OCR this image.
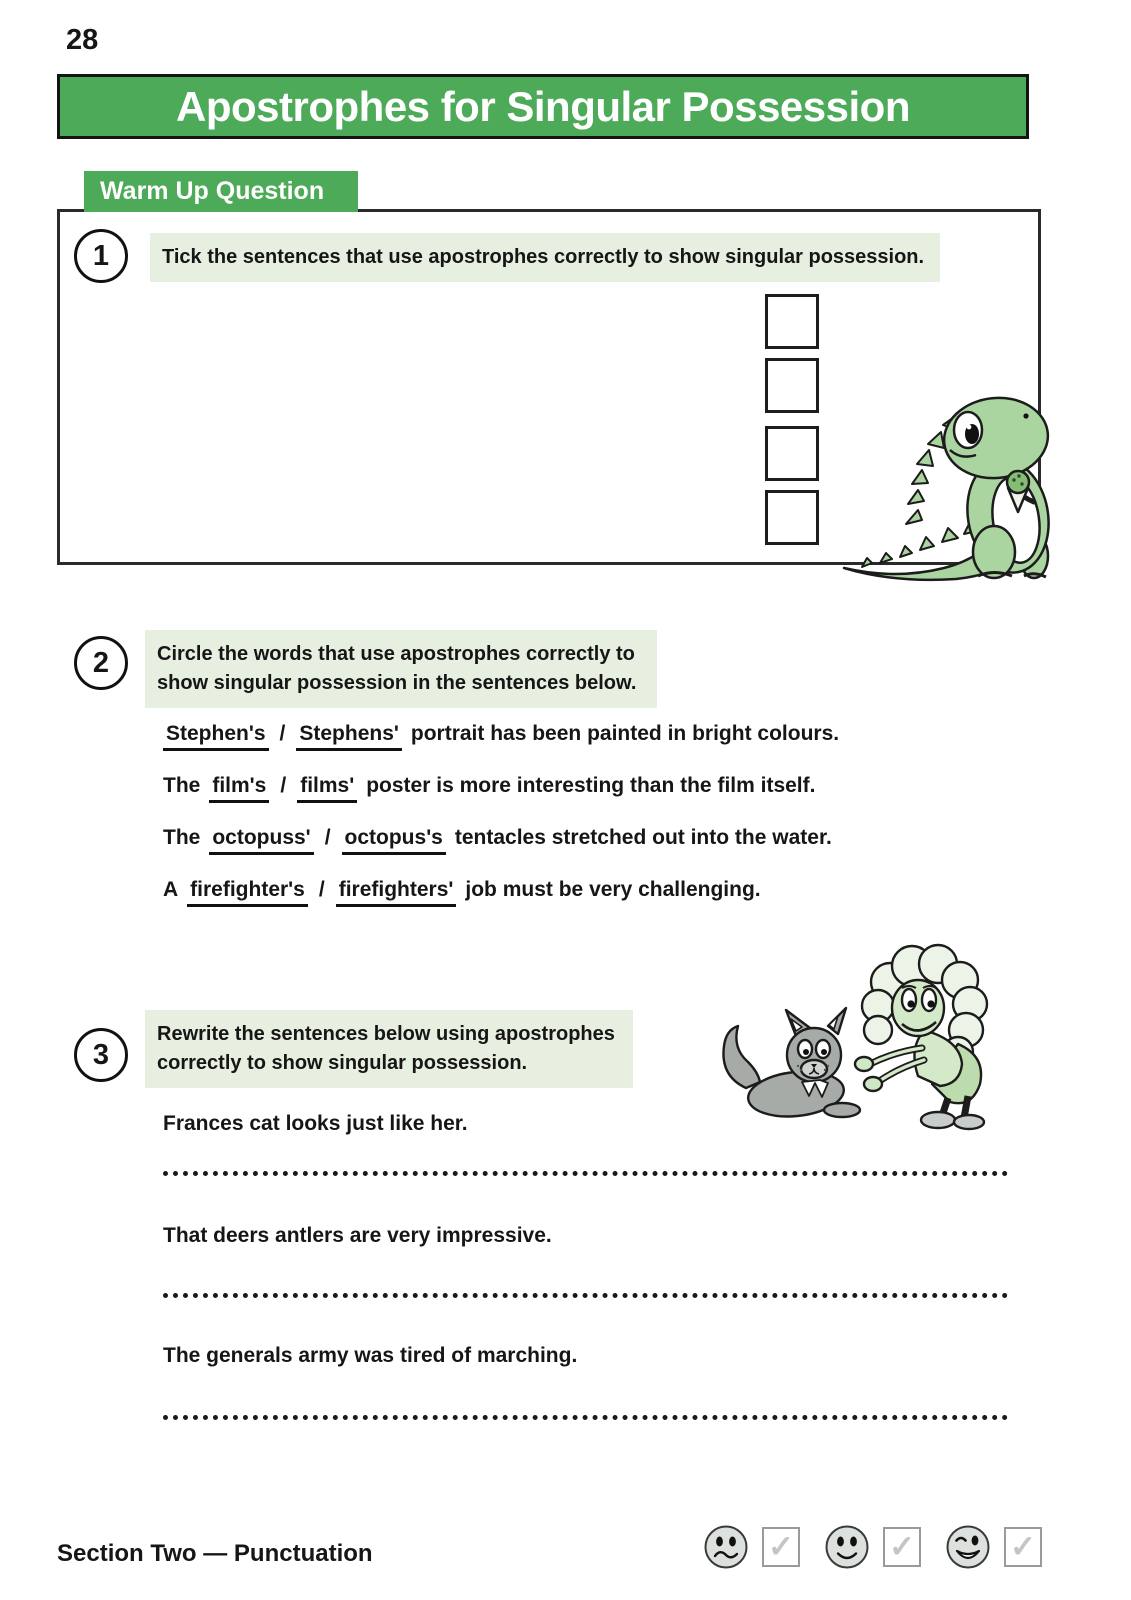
28
Apostrophes for Singular Possession
Warm Up Question
1	Tick the sentences that use apostrophes correctly to show singular possession.
2	Circle the words that use apostrophes correctly to show singular possession in the sentences below.
Stephen's / Stephens' portrait has been painted in bright colours.
The film's / films' poster is more interesting than the film itself.
The octopuss' / octopus's tentacles stretched out into the water.
A firefighter's / firefighters' job must be very challenging.
3
Rewrite the sentences below using apostrophes correctly to show singular possession.
Frances cat looks just like her.
That deers antlers are very impressive.
The generals army was tired of marching.
Section Two — Punctuation	✓	✓	✓
